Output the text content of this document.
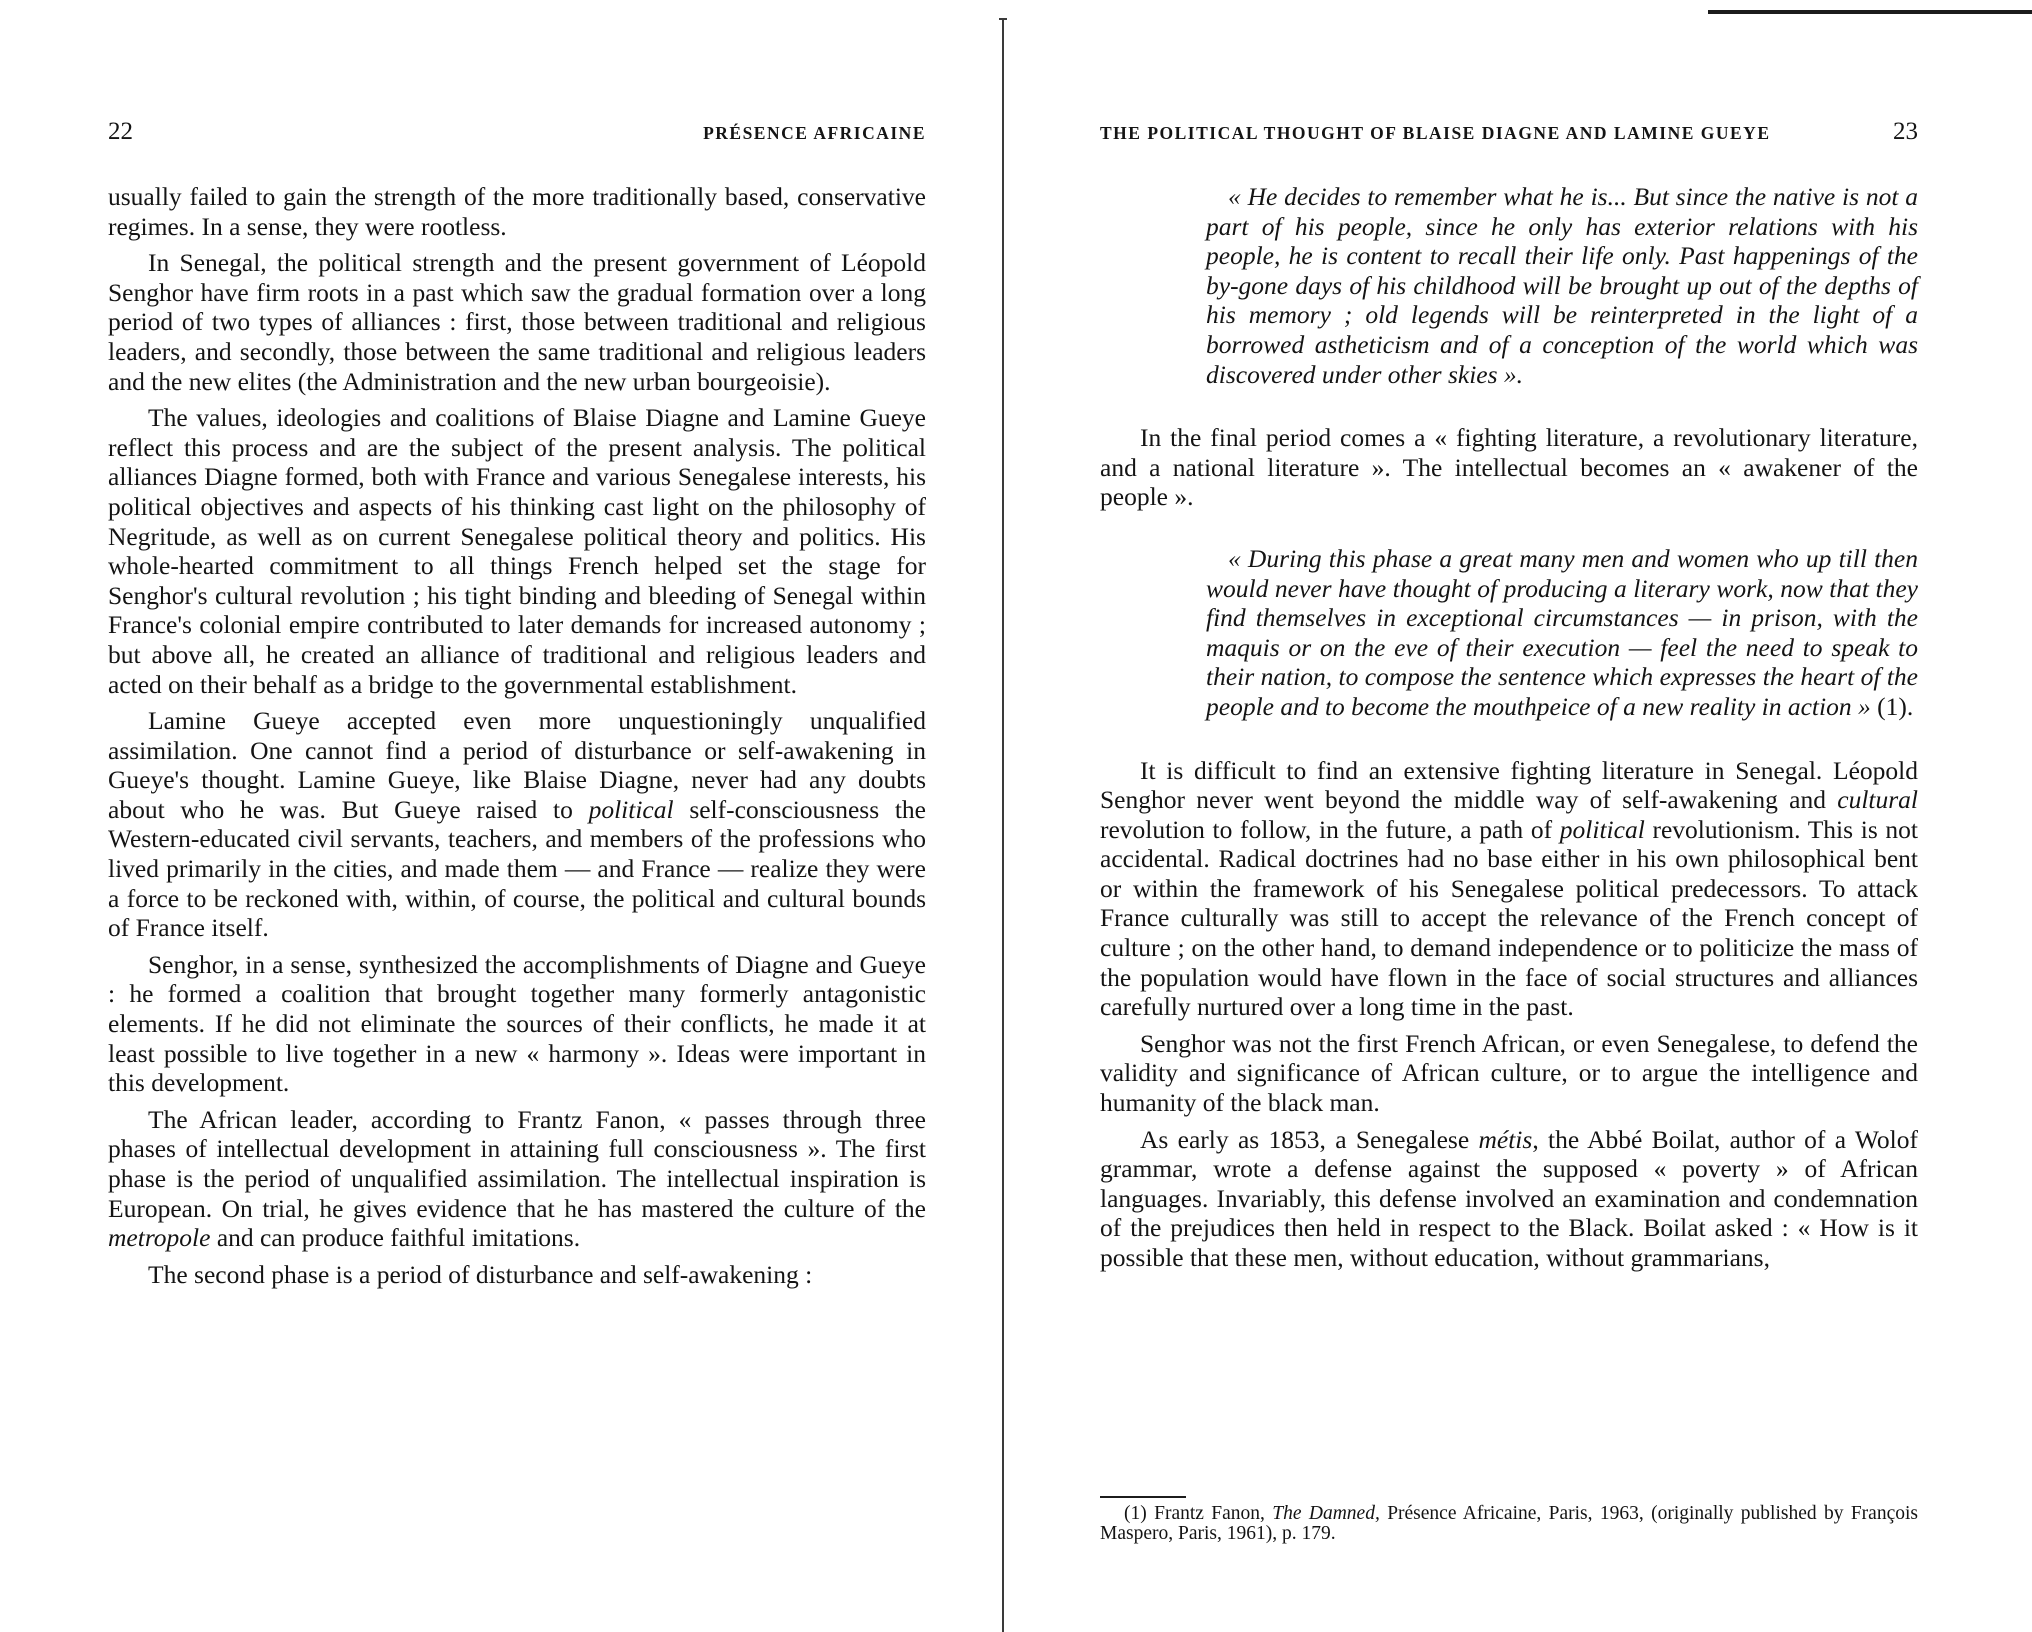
22	PRÉSENCE AFRICAINE

usually failed to gain the strength of the more traditionally based, conservative regimes. In a sense, they were rootless.

In Senegal, the political strength and the present government of Léopold Senghor have firm roots in a past which saw the gradual formation over a long period of two types of alliances : first, those between traditional and religious leaders, and secondly, those between the same traditional and religious leaders and the new elites (the Administration and the new urban bourgeoisie).

The values, ideologies and coalitions of Blaise Diagne and Lamine Gueye reflect this process and are the subject of the present analysis. The political alliances Diagne formed, both with France and various Senegalese interests, his political objectives and aspects of his thinking cast light on the philosophy of Negritude, as well as on current Senegalese political theory and politics. His whole-hearted commitment to all things French helped set the stage for Senghor's cultural revolution ; his tight binding and bleeding of Senegal within France's colonial empire contributed to later demands for increased autonomy ; but above all, he created an alliance of traditional and religious leaders and acted on their behalf as a bridge to the governmental establishment.

Lamine Gueye accepted even more unquestioningly unqualified assimilation. One cannot find a period of disturbance or self-awakening in Gueye's thought. Lamine Gueye, like Blaise Diagne, never had any doubts about who he was. But Gueye raised to political self-consciousness the Western-educated civil servants, teachers, and members of the professions who lived primarily in the cities, and made them — and France — realize they were a force to be reckoned with, within, of course, the political and cultural bounds of France itself.

Senghor, in a sense, synthesized the accomplishments of Diagne and Gueye : he formed a coalition that brought together many formerly antagonistic elements. If he did not eliminate the sources of their conflicts, he made it at least possible to live together in a new « harmony ». Ideas were important in this development.

The African leader, according to Frantz Fanon, « passes through three phases of intellectual development in attaining full consciousness ». The first phase is the period of unqualified assimilation. The intellectual inspiration is European. On trial, he gives evidence that he has mastered the culture of the metropole and can produce faithful imitations.

The second phase is a period of disturbance and self-awakening :

THE POLITICAL THOUGHT OF BLAISE DIAGNE AND LAMINE GUEYE	23

« He decides to remember what he is... But since the native is not a part of his people, since he only has exterior relations with his people, he is content to recall their life only. Past happenings of the by-gone days of his childhood will be brought up out of the depths of his memory ; old legends will be reinterpreted in the light of a borrowed astheticism and of a conception of the world which was discovered under other skies ».

In the final period comes a « fighting literature, a revolutionary literature, and a national literature ». The intellectual becomes an « awakener of the people ».

« During this phase a great many men and women who up till then would never have thought of producing a literary work, now that they find themselves in exceptional circumstances — in prison, with the maquis or on the eve of their execution — feel the need to speak to their nation, to compose the sentence which expresses the heart of the people and to become the mouthpeice of a new reality in action » (1).

It is difficult to find an extensive fighting literature in Senegal. Léopold Senghor never went beyond the middle way of self-awakening and cultural revolution to follow, in the future, a path of political revolutionism. This is not accidental. Radical doctrines had no base either in his own philosophical bent or within the framework of his Senegalese political predecessors. To attack France culturally was still to accept the relevance of the French concept of culture ; on the other hand, to demand independence or to politicize the mass of the population would have flown in the face of social structures and alliances carefully nurtured over a long time in the past.

Senghor was not the first French African, or even Senegalese, to defend the validity and significance of African culture, or to argue the intelligence and humanity of the black man.

As early as 1853, a Senegalese métis, the Abbé Boilat, author of a Wolof grammar, wrote a defense against the supposed « poverty » of African languages. Invariably, this defense involved an examination and condemnation of the prejudices then held in respect to the Black. Boilat asked : « How is it possible that these men, without education, without grammarians,

(1) Frantz Fanon, The Damned, Présence Africaine, Paris, 1963, (originally published by François Maspero, Paris, 1961), p. 179.
